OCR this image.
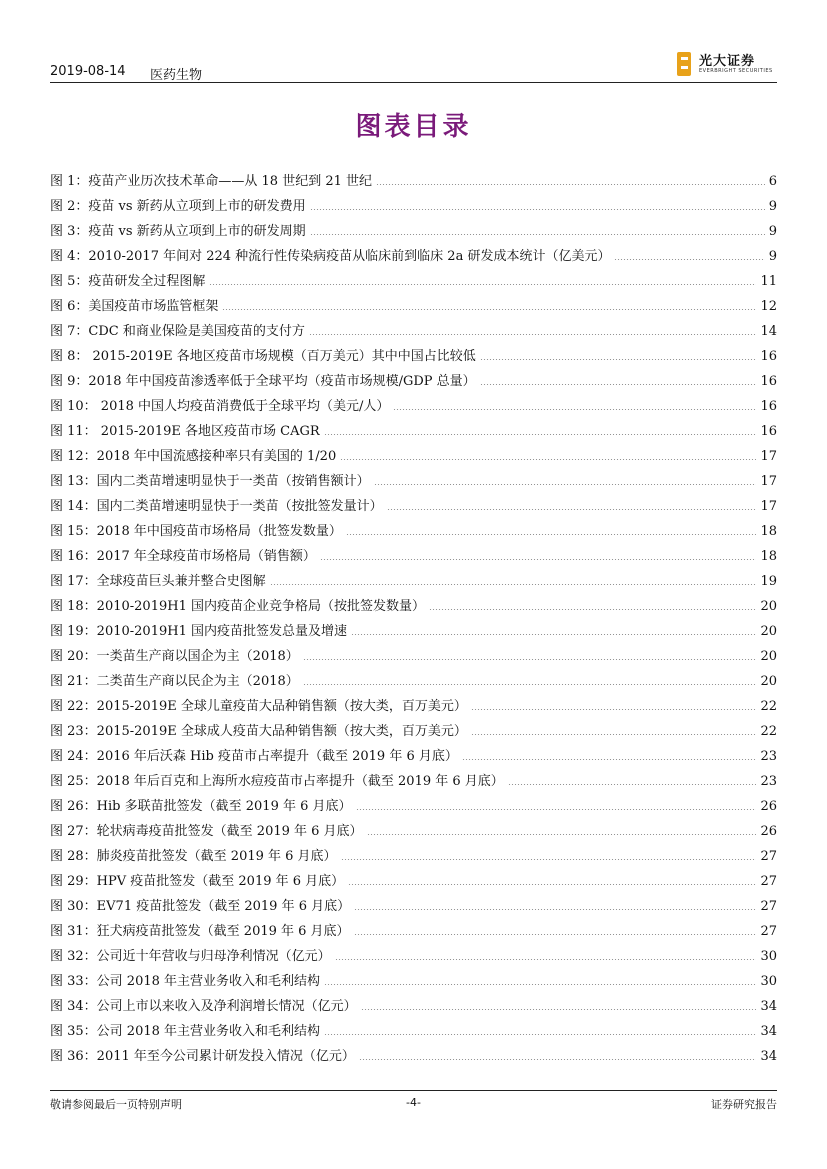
2019-08-14 医药生物
光大证券
EVERBRIGHT SECURITIES
图表目录
图 1：疫苗产业历次技术革命——从 18 世纪到 21 世纪	6
图 2：疫苗 vs 新药从立项到上市的研发费用	9
图 3：疫苗 vs 新药从立项到上市的研发周期	9
图 4：2010-2017 年间对 224 种流行性传染病疫苗从临床前到临床 2a 研发成本统计（亿美元）	9
图 5：疫苗研发全过程图解	11
图 6：美国疫苗市场监管框架	12
图 7：CDC 和商业保险是美国疫苗的支付方	14
图 8： 2015-2019E 各地区疫苗市场规模（百万美元）其中中国占比较低	16
图 9：2018 年中国疫苗渗透率低于全球平均（疫苗市场规模/GDP 总量）	16
图 10： 2018 中国人均疫苗消费低于全球平均（美元/人）	16
图 11： 2015-2019E 各地区疫苗市场 CAGR	16
图 12：2018 年中国流感接种率只有美国的 1/20	17
图 13：国内二类苗增速明显快于一类苗（按销售额计）	17
图 14：国内二类苗增速明显快于一类苗（按批签发量计）	17
图 15：2018 年中国疫苗市场格局（批签发数量）	18
图 16：2017 年全球疫苗市场格局（销售额）	18
图 17：全球疫苗巨头兼并整合史图解	19
图 18：2010-2019H1 国内疫苗企业竞争格局（按批签发数量）	20
图 19：2010-2019H1 国内疫苗批签发总量及增速	20
图 20：一类苗生产商以国企为主（2018）	20
图 21：二类苗生产商以民企为主（2018）	20
图 22：2015-2019E 全球儿童疫苗大品种销售额（按大类，百万美元）	22
图 23：2015-2019E 全球成人疫苗大品种销售额（按大类，百万美元）	22
图 24：2016 年后沃森 Hib 疫苗市占率提升（截至 2019 年 6 月底）	23
图 25：2018 年后百克和上海所水痘疫苗市占率提升（截至 2019 年 6 月底）	23
图 26：Hib 多联苗批签发（截至 2019 年 6 月底）	26
图 27：轮状病毒疫苗批签发（截至 2019 年 6 月底）	26
图 28：肺炎疫苗批签发（截至 2019 年 6 月底）	27
图 29：HPV 疫苗批签发（截至 2019 年 6 月底）	27
图 30：EV71 疫苗批签发（截至 2019 年 6 月底）	27
图 31：狂犬病疫苗批签发（截至 2019 年 6 月底）	27
图 32：公司近十年营收与归母净利情况（亿元）	30
图 33：公司 2018 年主营业务收入和毛利结构	30
图 34：公司上市以来收入及净利润增长情况（亿元）	34
图 35：公司 2018 年主营业务收入和毛利结构	34
图 36：2011 年至今公司累计研发投入情况（亿元）	34
敬请参阅最后一页特别声明	-4-	证券研究报告
